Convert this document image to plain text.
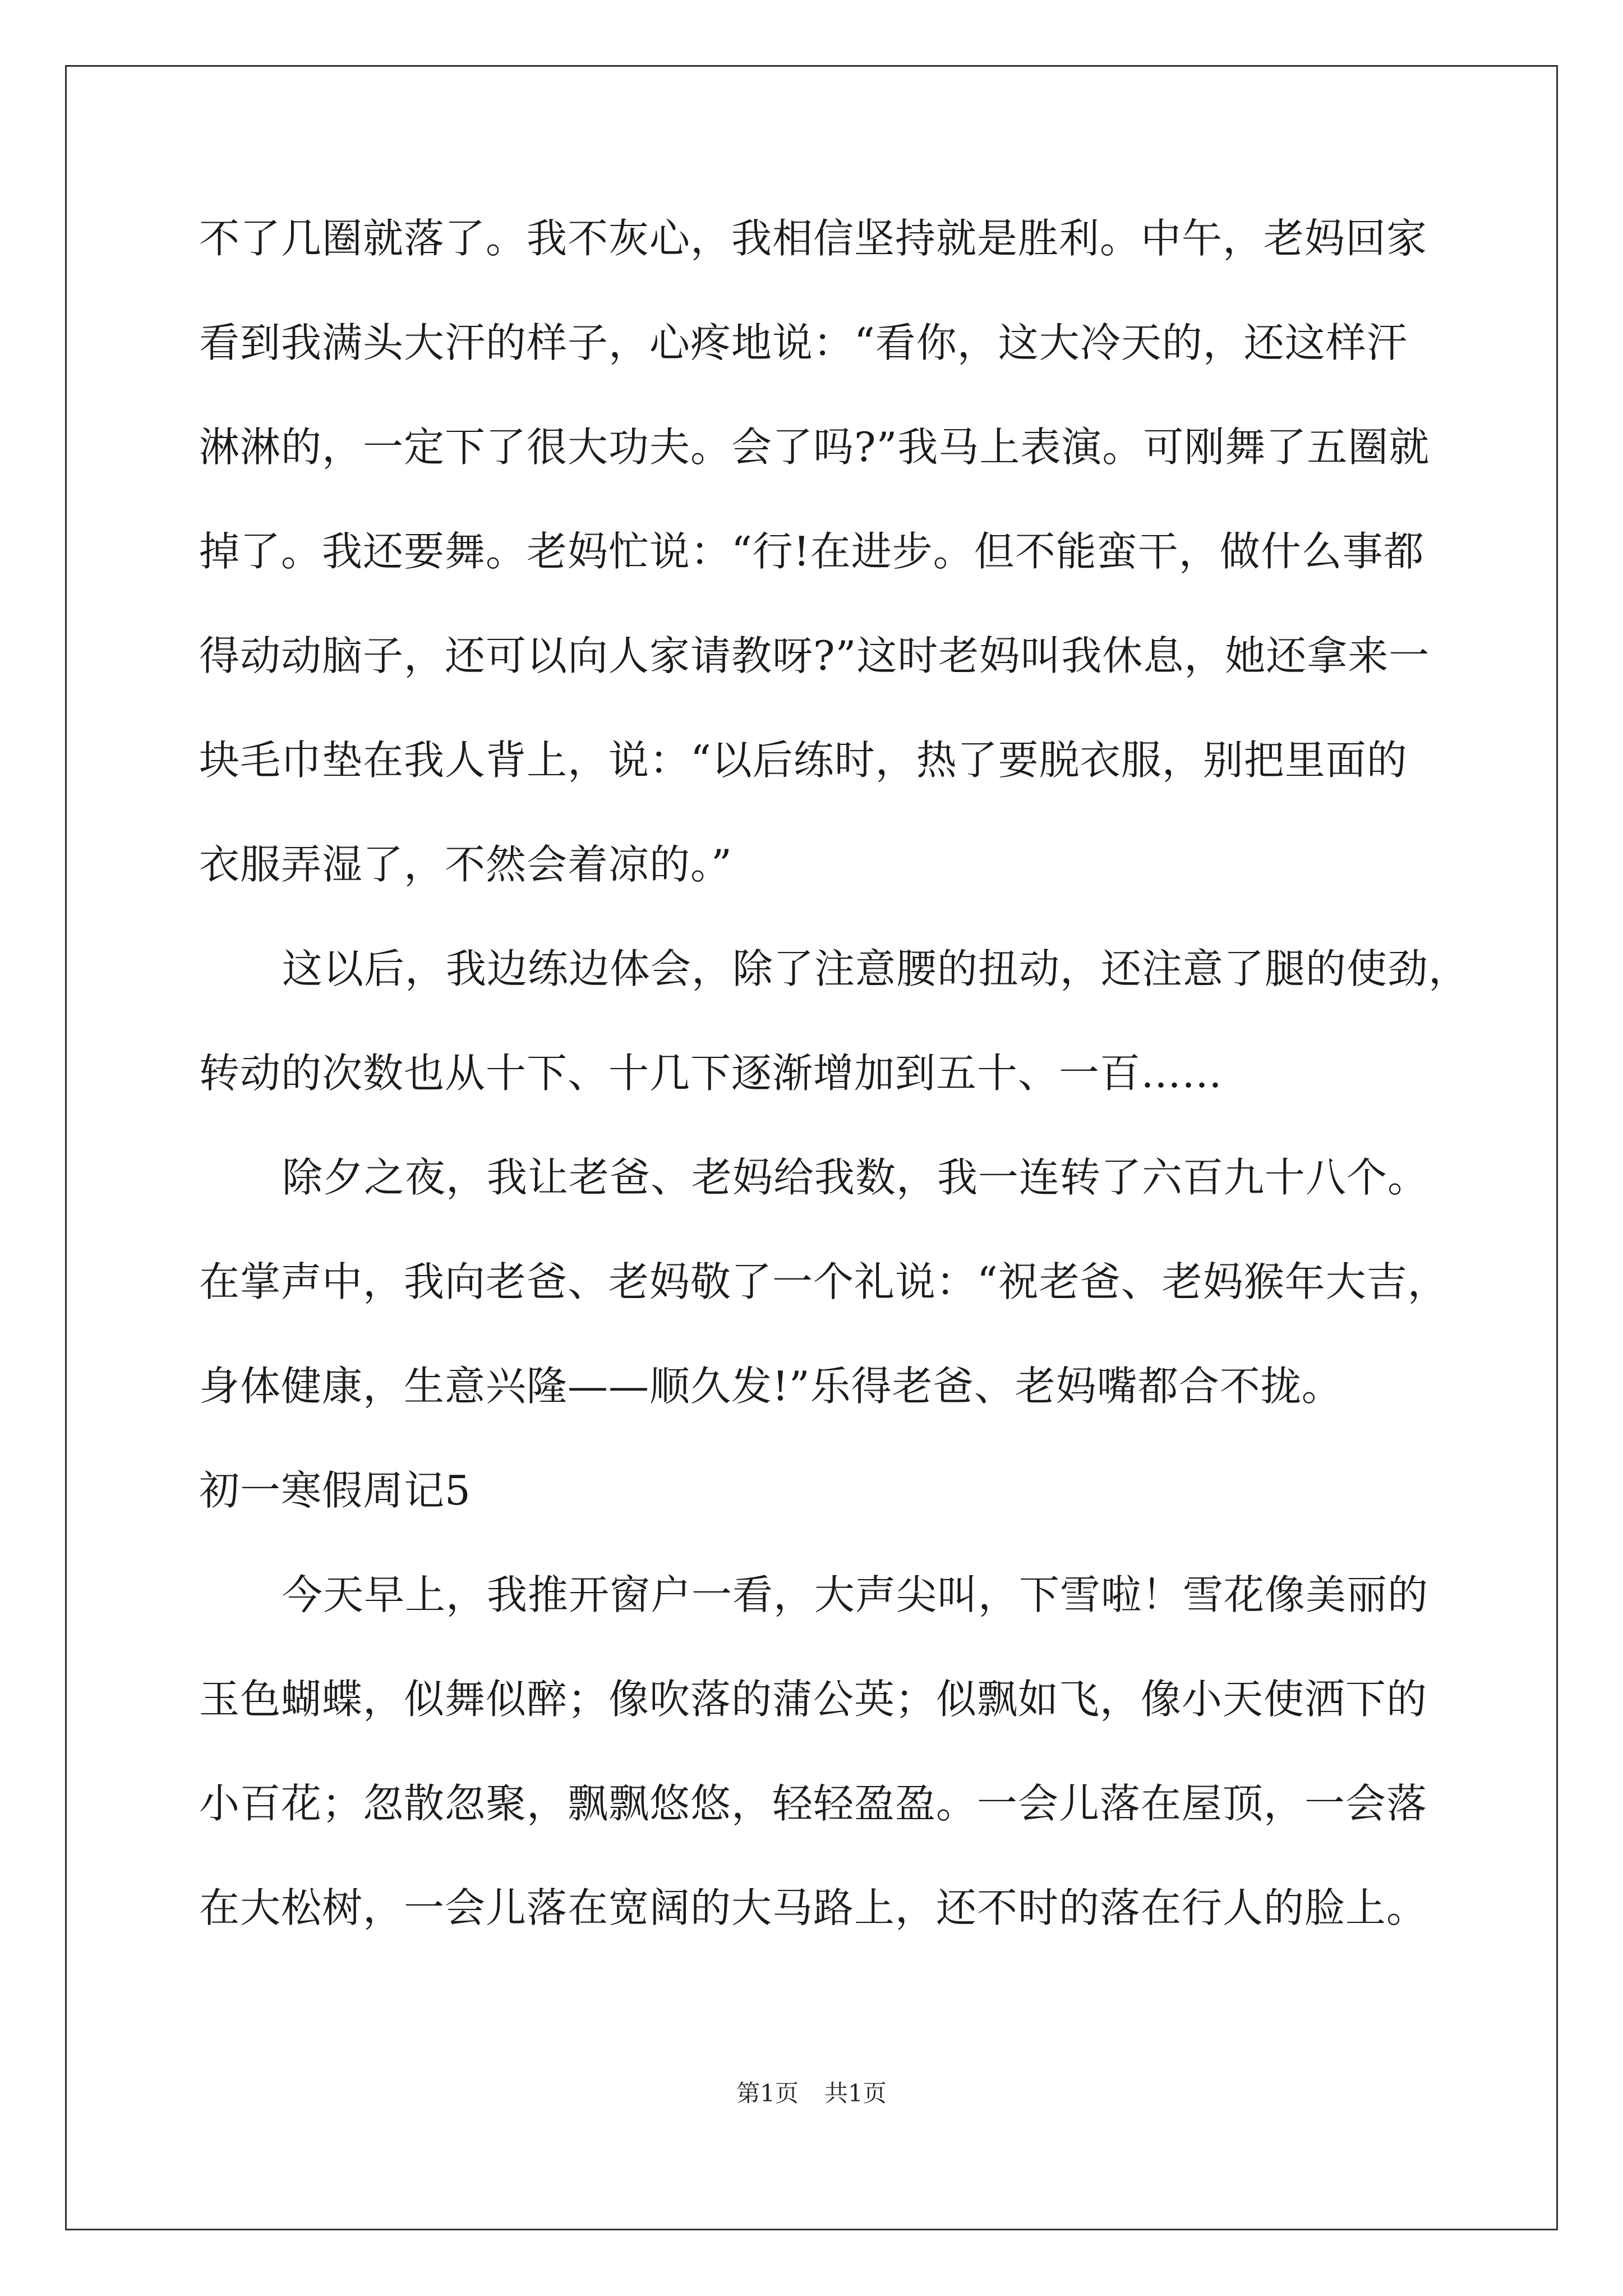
不了几圈就落了。我不灰心，我相信坚持就是胜利。中午，老妈回家
看到我满头大汗的样子，心疼地说：“看你，这大冷天的，还这样汗
淋淋的，一定下了很大功夫。会了吗?”我马上表演。可刚舞了五圈就
掉了。我还要舞。老妈忙说：“行!在进步。但不能蛮干，做什么事都
得动动脑子，还可以向人家请教呀?”这时老妈叫我休息，她还拿来一
块毛巾垫在我人背上，说：“以后练时，热了要脱衣服，别把里面的
衣服弄湿了，不然会着凉的。”
这以后，我边练边体会，除了注意腰的扭动，还注意了腿的使劲，
转动的次数也从十下、十几下逐渐增加到五十、一百……
除夕之夜，我让老爸、老妈给我数，我一连转了六百九十八个。
在掌声中，我向老爸、老妈敬了一个礼说：“祝老爸、老妈猴年大吉，
身体健康，生意兴隆——顺久发!”乐得老爸、老妈嘴都合不拢。
初一寒假周记5
今天早上，我推开窗户一看，大声尖叫，下雪啦！雪花像美丽的
玉色蝴蝶，似舞似醉；像吹落的蒲公英；似飘如飞，像小天使洒下的
小百花；忽散忽聚，飘飘悠悠，轻轻盈盈。一会儿落在屋顶，一会落
在大松树，一会儿落在宽阔的大马路上，还不时的落在行人的脸上。
第1页 共1页
